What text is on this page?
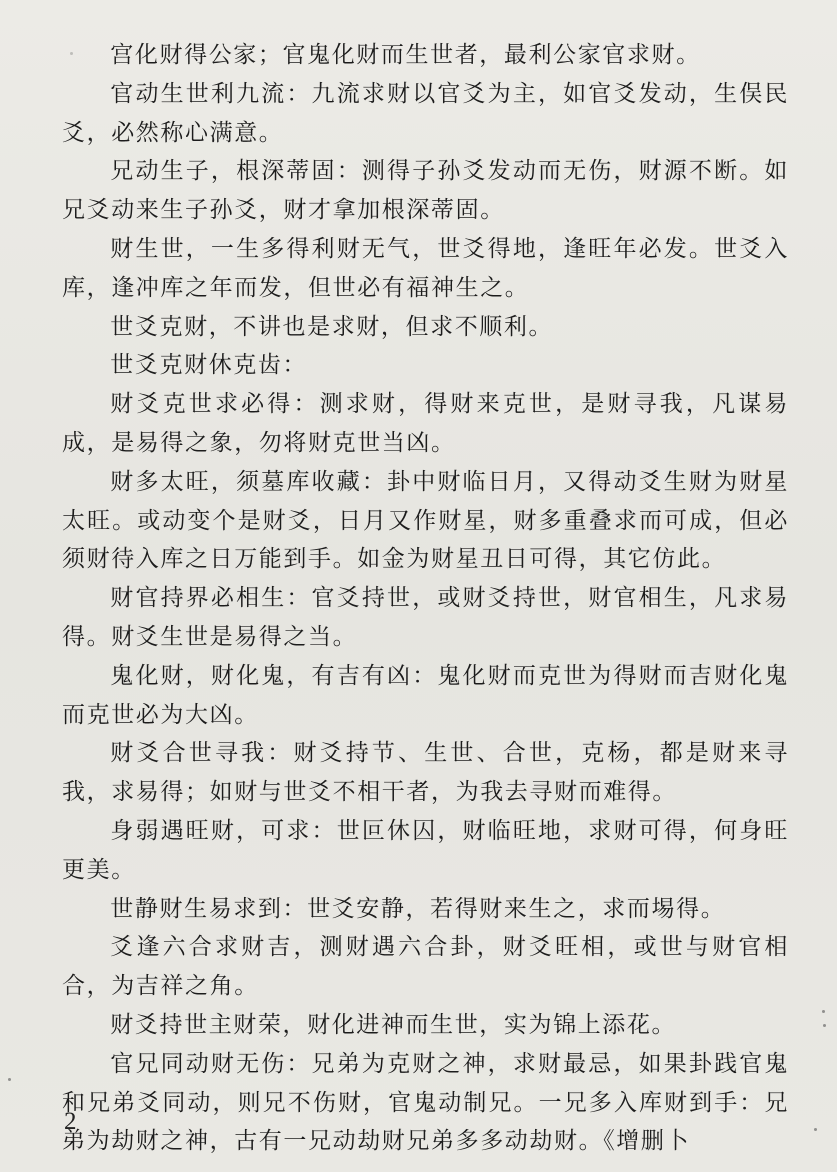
宫化财得公家；官鬼化财而生世者，最利公家官求财。

官动生世利九流：九流求财以官爻为主，如官爻发动，生俣民爻，必然称心满意。

兄动生子，根深蒂固：测得子孙爻发动而无伤，财源不断。如兄爻动来生子孙爻，财才拿加根深蒂固。

财生世，一生多得利财无气，世爻得地，逢旺年必发。世爻入库，逢冲库之年而发，但世必有福神生之。

世爻克财，不讲也是求财，但求不顺利。

世爻克财休克齿：

财爻克世求必得：测求财，得财来克世，是财寻我，凡谋易成，是易得之象，勿将财克世当凶。

财多太旺，须墓库收藏：卦中财临日月，又得动爻生财为财星太旺。或动变个是财爻，日月又作财星，财多重叠求而可成，但必须财待入库之日万能到手。如金为财星丑日可得，其它仿此。

财官持界必相生：官爻持世，或财爻持世，财官相生，凡求易得。财爻生世是易得之当。

鬼化财，财化鬼，有吉有凶：鬼化财而克世为得财而吉财化鬼而克世必为大凶。

财爻合世寻我：财爻持节、生世、合世，克杨，都是财来寻我，求易得；如财与世爻不相干者，为我去寻财而难得。

身弱遇旺财，可求：世叵休囚，财临旺地，求财可得，何身旺更美。

世静财生易求到：世爻安静，若得财来生之，求而埸得。

爻逢六合求财吉，测财遇六合卦，财爻旺相，或世与财官相合，为吉祥之角。

财爻持世主财荣，财化进神而生世，实为锦上添花。

官兄同动财无伤：兄弟为克财之神，求财最忌，如果卦践官鬼和兄弟爻同动，则兄不伤财，官鬼动制兄。一兄多入库财到手：兄弟为劫财之神，古有一兄动劫财兄弟多多动劫财。《增删卜

2
